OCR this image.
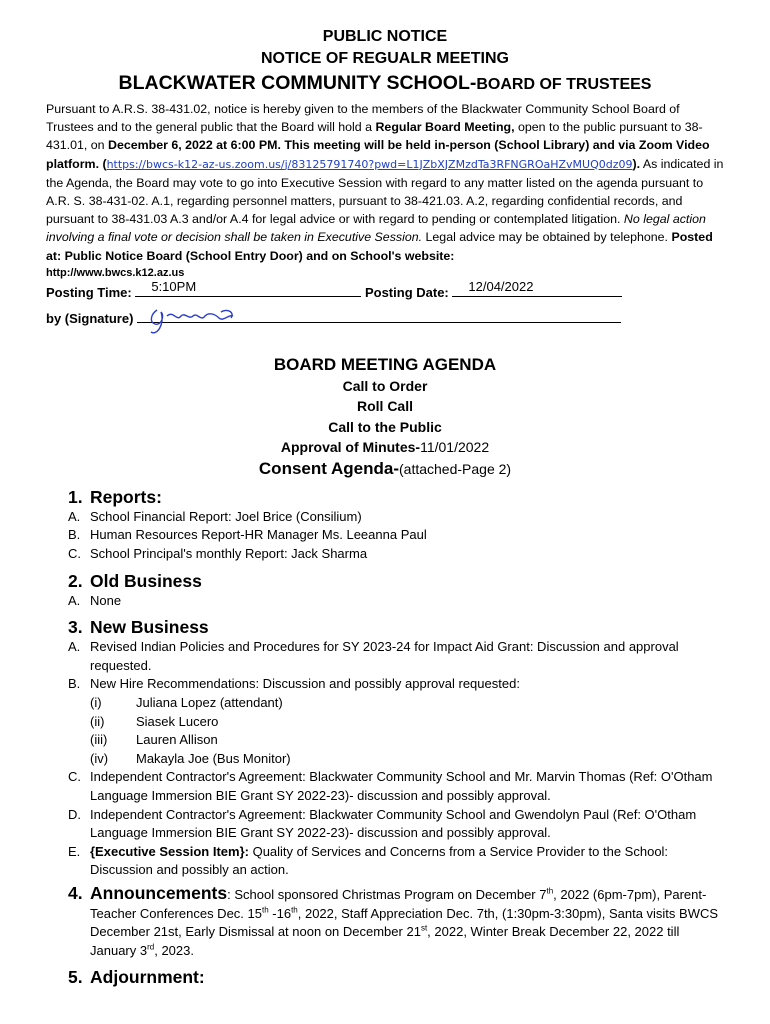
PUBLIC NOTICE
NOTICE OF REGUALR MEETING
BLACKWATER COMMUNITY SCHOOL-BOARD OF TRUSTEES
Pursuant to A.R.S. 38-431.02, notice is hereby given to the members of the Blackwater Community School Board of Trustees and to the general public that the Board will hold a Regular Board Meeting, open to the public pursuant to 38-431.01, on December 6, 2022 at 6:00 PM. This meeting will be held in-person (School Library) and via Zoom Video platform. (https://bwcs-k12-az-us.zoom.us/j/83125791740?pwd=L1JZbXJZMzdTa3RFNGROaHZvMUQ0dz09). As indicated in the Agenda, the Board may vote to go into Executive Session with regard to any matter listed on the agenda pursuant to A.R. S. 38-431-02. A.1, regarding personnel matters, pursuant to 38-421.03. A.2, regarding confidential records, and pursuant to 38-431.03 A.3 and/or A.4 for legal advice or with regard to pending or contemplated litigation. No legal action involving a final vote or decision shall be taken in Executive Session. Legal advice may be obtained by telephone. Posted at: Public Notice Board (School Entry Door) and on School's website:
http://www.bwcs.k12.az.us
Posting Time: 5:10PM	Posting Date: 12/04/2022
by (Signature)
BOARD MEETING AGENDA
Call to Order
Roll Call
Call to the Public
Approval of Minutes-11/01/2022
Consent Agenda-(attached-Page 2)
1. Reports:
A. School Financial Report: Joel Brice (Consilium)
B. Human Resources Report-HR Manager Ms. Leeanna Paul
C. School Principal's monthly Report: Jack Sharma
2. Old Business
A. None
3. New Business
A. Revised Indian Policies and Procedures for SY 2023-24 for Impact Aid Grant: Discussion and approval requested.
B. New Hire Recommendations: Discussion and possibly approval requested:
(i)	Juliana Lopez (attendant)
(ii)	Siasek Lucero
(iii)	Lauren Allison
(iv)	Makayla Joe (Bus Monitor)
C. Independent Contractor's Agreement: Blackwater Community School and Mr. Marvin Thomas (Ref: O'Otham Language Immersion BIE Grant SY 2022-23)- discussion and possibly approval.
D. Independent Contractor's Agreement: Blackwater Community School and Gwendolyn Paul (Ref: O'Otham Language Immersion BIE Grant SY 2022-23)- discussion and possibly approval.
E. {Executive Session Item}: Quality of Services and Concerns from a Service Provider to the School: Discussion and possibly an action.
4. Announcements: School sponsored Christmas Program on December 7th, 2022 (6pm-7pm), Parent-Teacher Conferences Dec. 15th -16th, 2022, Staff Appreciation Dec. 7th, (1:30pm-3:30pm), Santa visits BWCS December 21st, Early Dismissal at noon on December 21st, 2022, Winter Break December 22, 2022 till January 3rd, 2023.
5. Adjournment:
